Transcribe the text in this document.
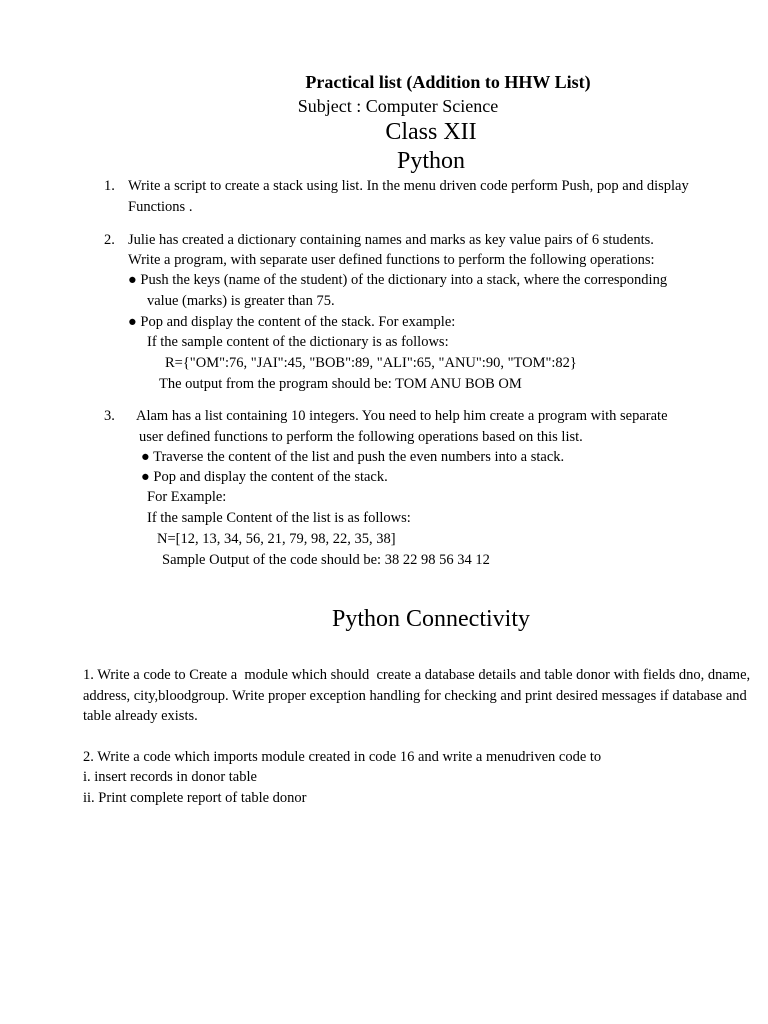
Practical list (Addition to HHW List)
Subject : Computer Science
Class XII
Python
1. Write a script to create a stack using list. In the menu driven code perform Push, pop and display
Functions .
2. Julie has created a dictionary containing names and marks as key value pairs of 6 students.
Write a program, with separate user defined functions to perform the following operations:
● Push the keys (name of the student) of the dictionary into a stack, where the corresponding
value (marks) is greater than 75.
● Pop and display the content of the stack. For example:
If the sample content of the dictionary is as follows:
R={"OM":76, "JAI":45, "BOB":89, "ALI":65, "ANU":90, "TOM":82}
The output from the program should be: TOM ANU BOB OM
3. Alam has a list containing 10 integers. You need to help him create a program with separate
user defined functions to perform the following operations based on this list.
● Traverse the content of the list and push the even numbers into a stack.
● Pop and display the content of the stack.
For Example:
If the sample Content of the list is as follows:
N=[12, 13, 34, 56, 21, 79, 98, 22, 35, 38]
Sample Output of the code should be: 38 22 98 56 34 12
Python Connectivity
1. Write a code to Create a  module which should  create a database details and table donor with fields dno, dname,
address, city,bloodgroup. Write proper exception handling for checking and print desired messages if database and
table already exists.
2. Write a code which imports module created in code 16 and write a menudriven code to
i. insert records in donor table
ii. Print complete report of table donor
